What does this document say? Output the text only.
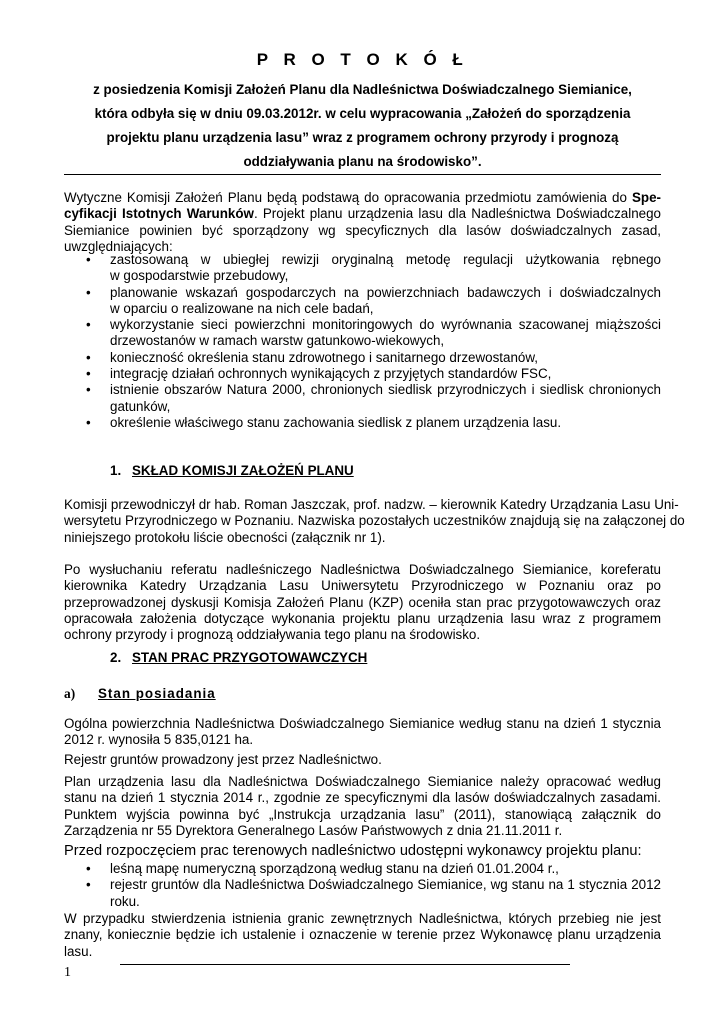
P R O T O K Ó Ł
z posiedzenia Komisji Założeń Planu dla Nadleśnictwa Doświadczalnego Siemianice,
która odbyła się w dniu 09.03.2012r. w celu wypracowania „Założeń do sporządzenia
projektu planu urządzenia lasu” wraz z programem ochrony przyrody i prognozą
oddziaływania planu na środowisko”.
Wytyczne Komisji Założeń Planu będą podstawą do opracowania przedmiotu zamówienia do Spe-
cyfikacji Istotnych Warunków. Projekt planu urządzenia lasu dla Nadleśnictwa Doświadczalnego
Siemianice powinien być sporządzony wg specyficznych dla lasów doświadczalnych zasad,
uwzględniających:
• zastosowaną w ubiegłej rewizji oryginalną metodę regulacji użytkowania rębnego
w gospodarstwie przebudowy,
• planowanie wskazań gospodarczych na powierzchniach badawczych i doświadczalnych
w oparciu o realizowane na nich cele badań,
• wykorzystanie sieci powierzchni monitoringowych do wyrównania szacowanej miąższości
drzewostanów w ramach warstw gatunkowo-wiekowych,
• konieczność określenia stanu zdrowotnego i sanitarnego drzewostanów,
• integrację działań ochronnych wynikających z przyjętych standardów FSC,
• istnienie obszarów Natura 2000, chronionych siedlisk przyrodniczych i siedlisk chronionych
gatunków,
• określenie właściwego stanu zachowania siedlisk z planem urządzenia lasu.
1. SKŁAD KOMISJI ZAŁOŻEŃ PLANU
Komisji przewodniczył dr hab. Roman Jaszczak, prof. nadzw. – kierownik Katedry Urządzania Lasu Uni-
wersytetu Przyrodniczego w Poznaniu. Nazwiska pozostałych uczestników znajdują się na załączonej do
niniejszego protokołu liście obecności (załącznik nr 1).
Po wysłuchaniu referatu nadleśniczego Nadleśnictwa Doświadczalnego Siemianice, koreferatu
kierownika Katedry Urządzania Lasu Uniwersytetu Przyrodniczego w Poznaniu oraz po
przeprowadzonej dyskusji Komisja Założeń Planu (KZP) oceniła stan prac przygotowawczych oraz
opracowała założenia dotyczące wykonania projektu planu urządzenia lasu wraz z programem
ochrony przyrody i prognozą oddziaływania tego planu na środowisko.
2. STAN PRAC PRZYGOTOWAWCZYCH
a) Stan posiadania
Ogólna powierzchnia Nadleśnictwa Doświadczalnego Siemianice według stanu na dzień 1 stycznia
2012 r. wynosiła 5 835,0121 ha.
Rejestr gruntów prowadzony jest przez Nadleśnictwo.
Plan urządzenia lasu dla Nadleśnictwa Doświadczalnego Siemianice należy opracować według
stanu na dzień 1 stycznia 2014 r., zgodnie ze specyficznymi dla lasów doświadczalnych zasadami.
Punktem wyjścia powinna być „Instrukcja urządzania lasu” (2011), stanowiącą załącznik do
Zarządzenia nr 55 Dyrektora Generalnego Lasów Państwowych z dnia 21.11.2011 r.
Przed rozpoczęciem prac terenowych nadleśnictwo udostępni wykonawcy projektu planu:
• leśną mapę numeryczną sporządzoną według stanu na dzień 01.01.2004 r.,
• rejestr gruntów dla Nadleśnictwa Doświadczalnego Siemianice, wg stanu na 1 stycznia 2012
roku.
W przypadku stwierdzenia istnienia granic zewnętrznych Nadleśnictwa, których przebieg nie jest
znany, koniecznie będzie ich ustalenie i oznaczenie w terenie przez Wykonawcę planu urządzenia
lasu.
1
